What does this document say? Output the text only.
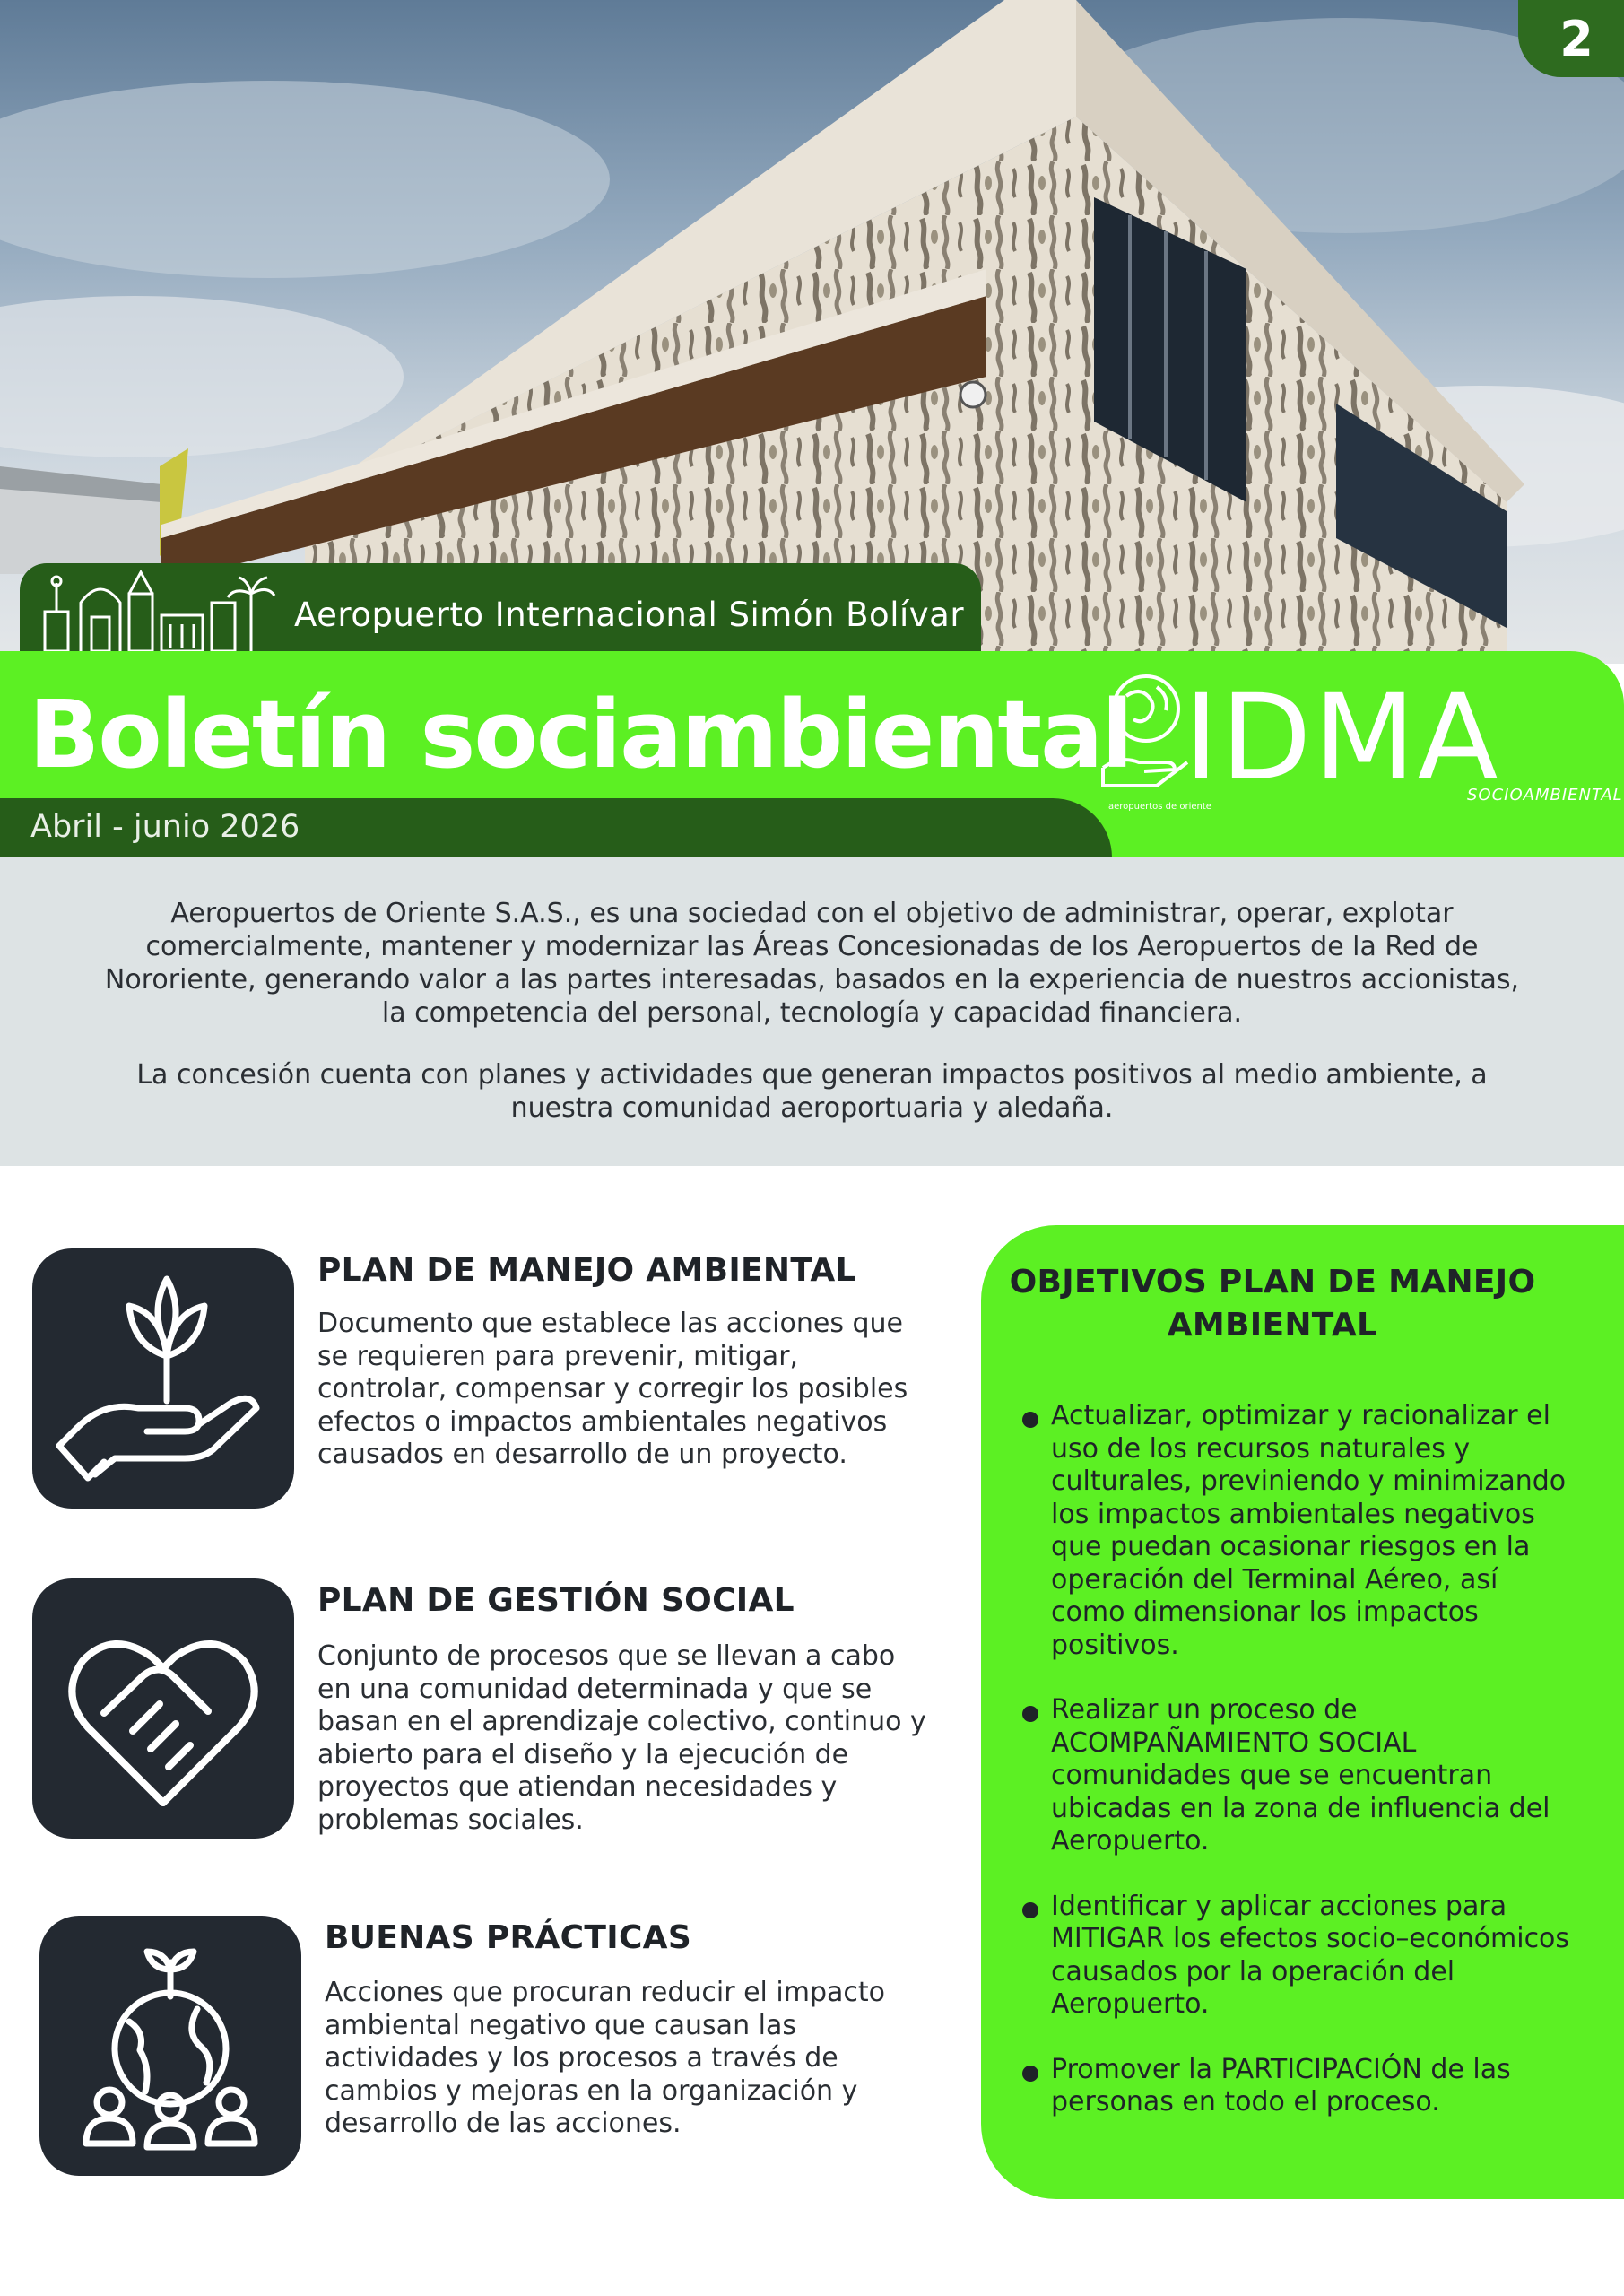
2
Aeropuerto Internacional Simón Bolívar
Boletín sociambiental IDMA
SOCIOAMBIENTAL
aeropuertos de oriente
Abril - junio 2026

Aeropuertos de Oriente S.A.S., es una sociedad con el objetivo de administrar, operar, explotar comercialmente, mantener y modernizar las Áreas Concesionadas de los Aeropuertos de la Red de Nororiente, generando valor a las partes interesadas, basados en la experiencia de nuestros accionistas, la competencia del personal, tecnología y capacidad financiera.

La concesión cuenta con planes y actividades que generan impactos positivos al medio ambiente, a nuestra comunidad aeroportuaria y aledaña.

PLAN DE MANEJO AMBIENTAL
Documento que establece las acciones que se requieren para prevenir, mitigar, controlar, compensar y corregir los posibles efectos o impactos ambientales negativos causados en desarrollo de un proyecto.
PLAN DE GESTIÓN SOCIAL
Conjunto de procesos que se llevan a cabo en una comunidad determinada y que se basan en el aprendizaje colectivo, continuo y abierto para el diseño y la ejecución de proyectos que atiendan necesidades y problemas sociales.
BUENAS PRÁCTICAS
Acciones que procuran reducir el impacto ambiental negativo que causan las actividades y los procesos a través de cambios y mejoras en la organización y desarrollo de las acciones.
OBJETIVOS PLAN DE MANEJO AMBIENTAL
Actualizar, optimizar y racionalizar el uso de los recursos naturales y culturales, previniendo y minimizando los impactos ambientales negativos que puedan ocasionar riesgos en la operación del Terminal Aéreo, así como dimensionar los impactos positivos.
Realizar un proceso de ACOMPAÑAMIENTO SOCIAL comunidades que se encuentran ubicadas en la zona de influencia del Aeropuerto.
Identificar y aplicar acciones para MITIGAR los efectos socio–económicos causados por la operación del Aeropuerto.
Promover la PARTICIPACIÓN de las personas en todo el proceso.
